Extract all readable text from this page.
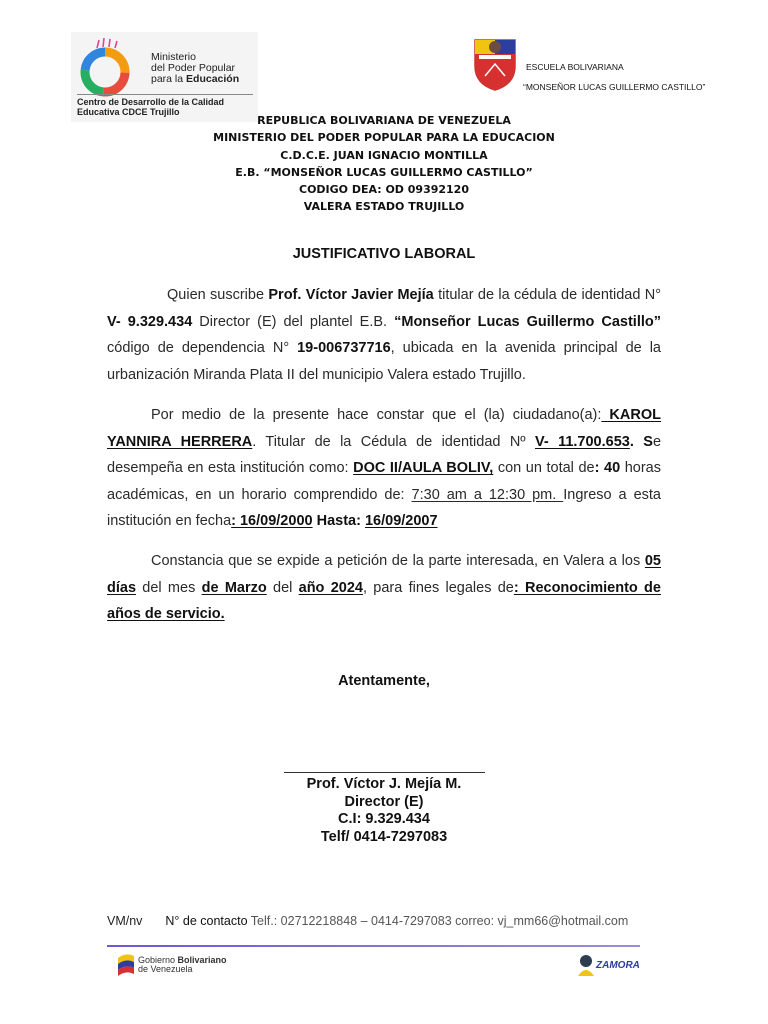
Ministerio
del Poder Popular
para la Educación
Centro de Desarrollo de la Calidad
Educativa CDCE Trujillo
ESCUELA BOLIVARIANA
“MONSEÑOR LUCAS GUILLERMO CASTILLO”
REPUBLICA BOLIVARIANA DE VENEZUELA
MINISTERIO DEL PODER POPULAR PARA LA EDUCACION
C.D.C.E. JUAN IGNACIO MONTILLA
E.B. “MONSEÑOR LUCAS GUILLERMO CASTILLO”
CODIGO DEA: OD 09392120
VALERA ESTADO TRUJILLO
JUSTIFICATIVO LABORAL
Quien suscribe Prof. Víctor Javier Mejía titular de la cédula de identidad N° V- 9.329.434 Director (E) del plantel E.B. “Monseñor Lucas Guillermo Castillo” código de dependencia N° 19-006737716, ubicada en la avenida principal de la urbanización Miranda Plata II del municipio Valera estado Trujillo.
Por medio de la presente hace constar que el (la) ciudadano(a): KAROL YANNIRA HERRERA. Titular de la Cédula de identidad Nº V- 11.700.653. Se desempeña en esta institución como: DOC II/AULA BOLIV, con un total de: 40 horas académicas, en un horario comprendido de: 7:30 am a 12:30 pm. Ingreso a esta institución en fecha: 16/09/2000 Hasta: 16/09/2007
Constancia que se expide a petición de la parte interesada, en Valera a los 05 días del mes de Marzo del año 2024, para fines legales de: Reconocimiento de años de servicio.
Atentamente,
Prof. Víctor J. Mejía M.
Director (E)
C.I: 9.329.434
Telf/ 0414-7297083
VM/nv N° de contacto Telf.: 02712218848 – 0414-7297083 correo: vj_mm66@hotmail.com
Gobierno Bolivariano
de Venezuela	ZAMORA
